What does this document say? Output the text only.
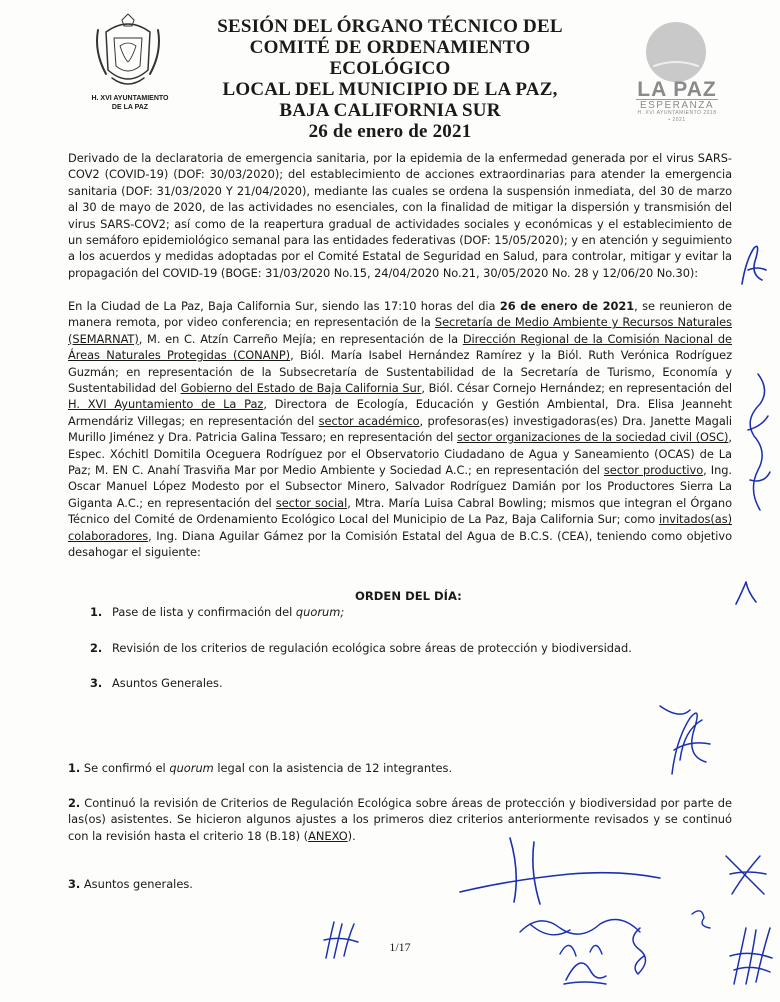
H. XVI AYUNTAMIENTO
DE LA PAZ
SESIÓN DEL ÓRGANO TÉCNICO DEL
COMITÉ DE ORDENAMIENTO ECOLÓGICO
LOCAL DEL MUNICIPIO DE LA PAZ,
BAJA CALIFORNIA SUR
26 de enero de 2021
LA PAZ
ESPERANZA
H. XVI AYUNTAMIENTO 2018 • 2021
Derivado de la declaratoria de emergencia sanitaria, por la epidemia de la enfermedad generada por el virus SARS-COV2 (COVID-19) (DOF: 30/03/2020); del establecimiento de acciones extraordinarias para atender la emergencia sanitaria (DOF: 31/03/2020 Y 21/04/2020), mediante las cuales se ordena la suspensión inmediata, del 30 de marzo al 30 de mayo de 2020, de las actividades no esenciales, con la finalidad de mitigar la dispersión y transmisión del virus SARS-COV2; así como de la reapertura gradual de actividades sociales y económicas y el establecimiento de un semáforo epidemiológico semanal para las entidades federativas (DOF: 15/05/2020); y en atención y seguimiento a los acuerdos y medidas adoptadas por el Comité Estatal de Seguridad en Salud, para controlar, mitigar y evitar la propagación del COVID-19 (BOGE: 31/03/2020 No.15, 24/04/2020 No.21, 30/05/2020 No. 28 y 12/06/20 No.30):
En la Ciudad de La Paz, Baja California Sur, siendo las 17:10 horas del dia 26 de enero de 2021, se reunieron de manera remota, por video conferencia; en representación de la Secretaría de Medio Ambiente y Recursos Naturales (SEMARNAT), M. en C. Atzín Carreño Mejía; en representación de la Dirección Regional de la Comisión Nacional de Áreas Naturales Protegidas (CONANP), Biól. María Isabel Hernández Ramírez y la Biól. Ruth Verónica Rodríguez Guzmán; en representación de la Subsecretaría de Sustentabilidad de la Secretaría de Turismo, Economía y Sustentabilidad del Gobierno del Estado de Baja California Sur, Biól. César Cornejo Hernández; en representación del H. XVI Ayuntamiento de La Paz, Directora de Ecología, Educación y Gestión Ambiental, Dra. Elisa Jeanneht Armendáriz Villegas; en representación del sector académico, profesoras(es) investigadoras(es) Dra. Janette Magali Murillo Jiménez y Dra. Patricia Galina Tessaro; en representación del sector organizaciones de la sociedad civil (OSC), Espec. Xóchitl Domitila Oceguera Rodríguez por el Observatorio Ciudadano de Agua y Saneamiento (OCAS) de La Paz; M. EN C. Anahí Trasviña Mar por Medio Ambiente y Sociedad A.C.; en representación del sector productivo, Ing. Oscar Manuel López Modesto por el Subsector Minero, Salvador Rodríguez Damián por los Productores Sierra La Giganta A.C.; en representación del sector social, Mtra. María Luisa Cabral Bowling; mismos que integran el Órgano Técnico del Comité de Ordenamiento Ecológico Local del Municipio de La Paz, Baja California Sur; como invitados(as) colaboradores, Ing. Diana Aguilar Gámez por la Comisión Estatal del Agua de B.C.S. (CEA), teniendo como objetivo desahogar el siguiente:
ORDEN DEL DÍA:
1. Pase de lista y confirmación del quorum;
2. Revisión de los criterios de regulación ecológica sobre áreas de protección y biodiversidad.
3. Asuntos Generales.
1. Se confirmó el quorum legal con la asistencia de 12 integrantes.
2. Continuó la revisión de Criterios de Regulación Ecológica sobre áreas de protección y biodiversidad por parte de las(os) asistentes. Se hicieron algunos ajustes a los primeros diez criterios anteriormente revisados y se continuó con la revisión hasta el criterio 18 (B.18) (ANEXO).
3. Asuntos generales.
1/17
